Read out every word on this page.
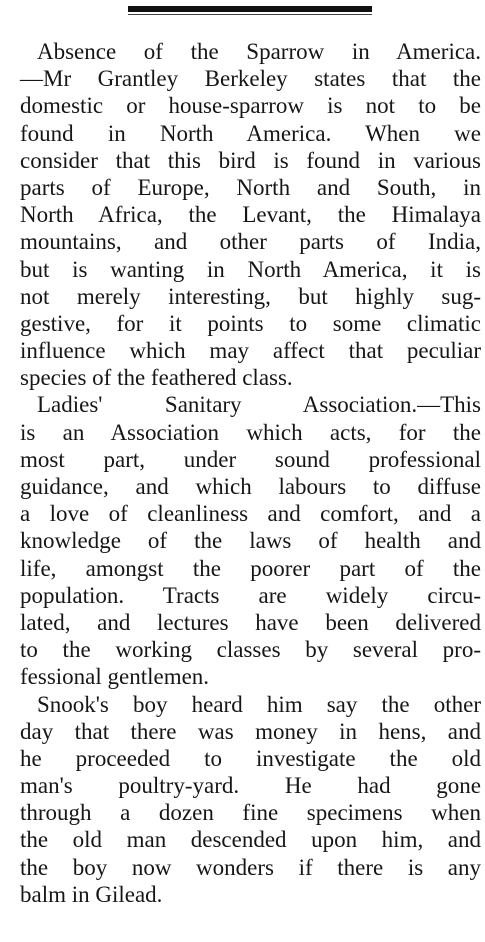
Absence of the Sparrow in America.
—Mr Grantley Berkeley states that the
domestic or house-sparrow is not to be
found in North America. When we
consider that this bird is found in various
parts of Europe, North and South, in
North Africa, the Levant, the Himalaya
mountains, and other parts of India,
but is wanting in North America, it is
not merely interesting, but highly sug-
gestive, for it points to some climatic
influence which may affect that peculiar
species of the feathered class.
Ladies' Sanitary Association.—This
is an Association which acts, for the
most part, under sound professional
guidance, and which labours to diffuse
a love of cleanliness and comfort, and a
knowledge of the laws of health and
life, amongst the poorer part of the
population. Tracts are widely circu-
lated, and lectures have been delivered
to the working classes by several pro-
fessional gentlemen.
Snook's boy heard him say the other
day that there was money in hens, and
he proceeded to investigate the old
man's poultry-yard. He had gone
through a dozen fine specimens when
the old man descended upon him, and
the boy now wonders if there is any
balm in Gilead.
